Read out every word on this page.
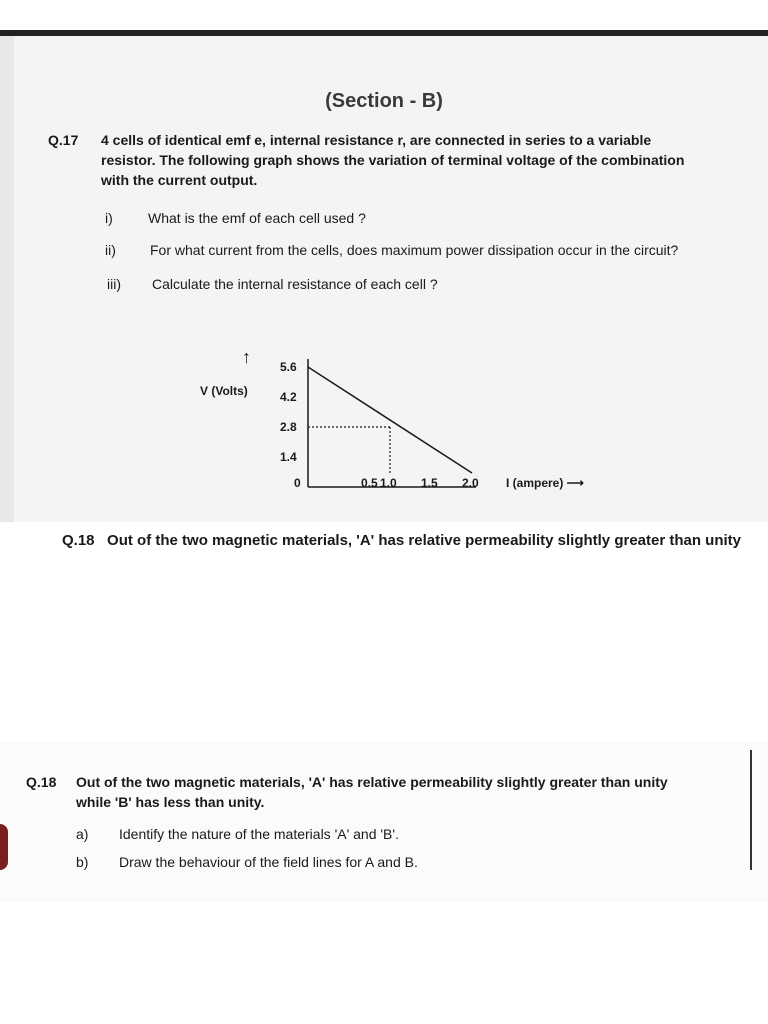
(Section - B)
Q.17 4 cells of identical emf e, internal resistance r, are connected in series to a variable
resistor. The following graph shows the variation of terminal voltage of the combination
with the current output.
i)	What is the emf of each cell used ?
ii) For what current from the cells, does maximum power dissipation occur in the circuit?
iii) Calculate the internal resistance of each cell ?
↑
V (Volts)
5.6
4.2
2.8
1.4
0	0.5 1.0 1.5 2.0 I (ampere) ⟶
Q.18 Out of the two magnetic materials, 'A' has relative permeability slightly greater than unity
Q.18 Out of the two magnetic materials, 'A' has relative permeability slightly greater than unity
while 'B' has less than unity.
a) Identify the nature of the materials 'A' and 'B'.
b) Draw the behaviour of the field lines for A and B.
